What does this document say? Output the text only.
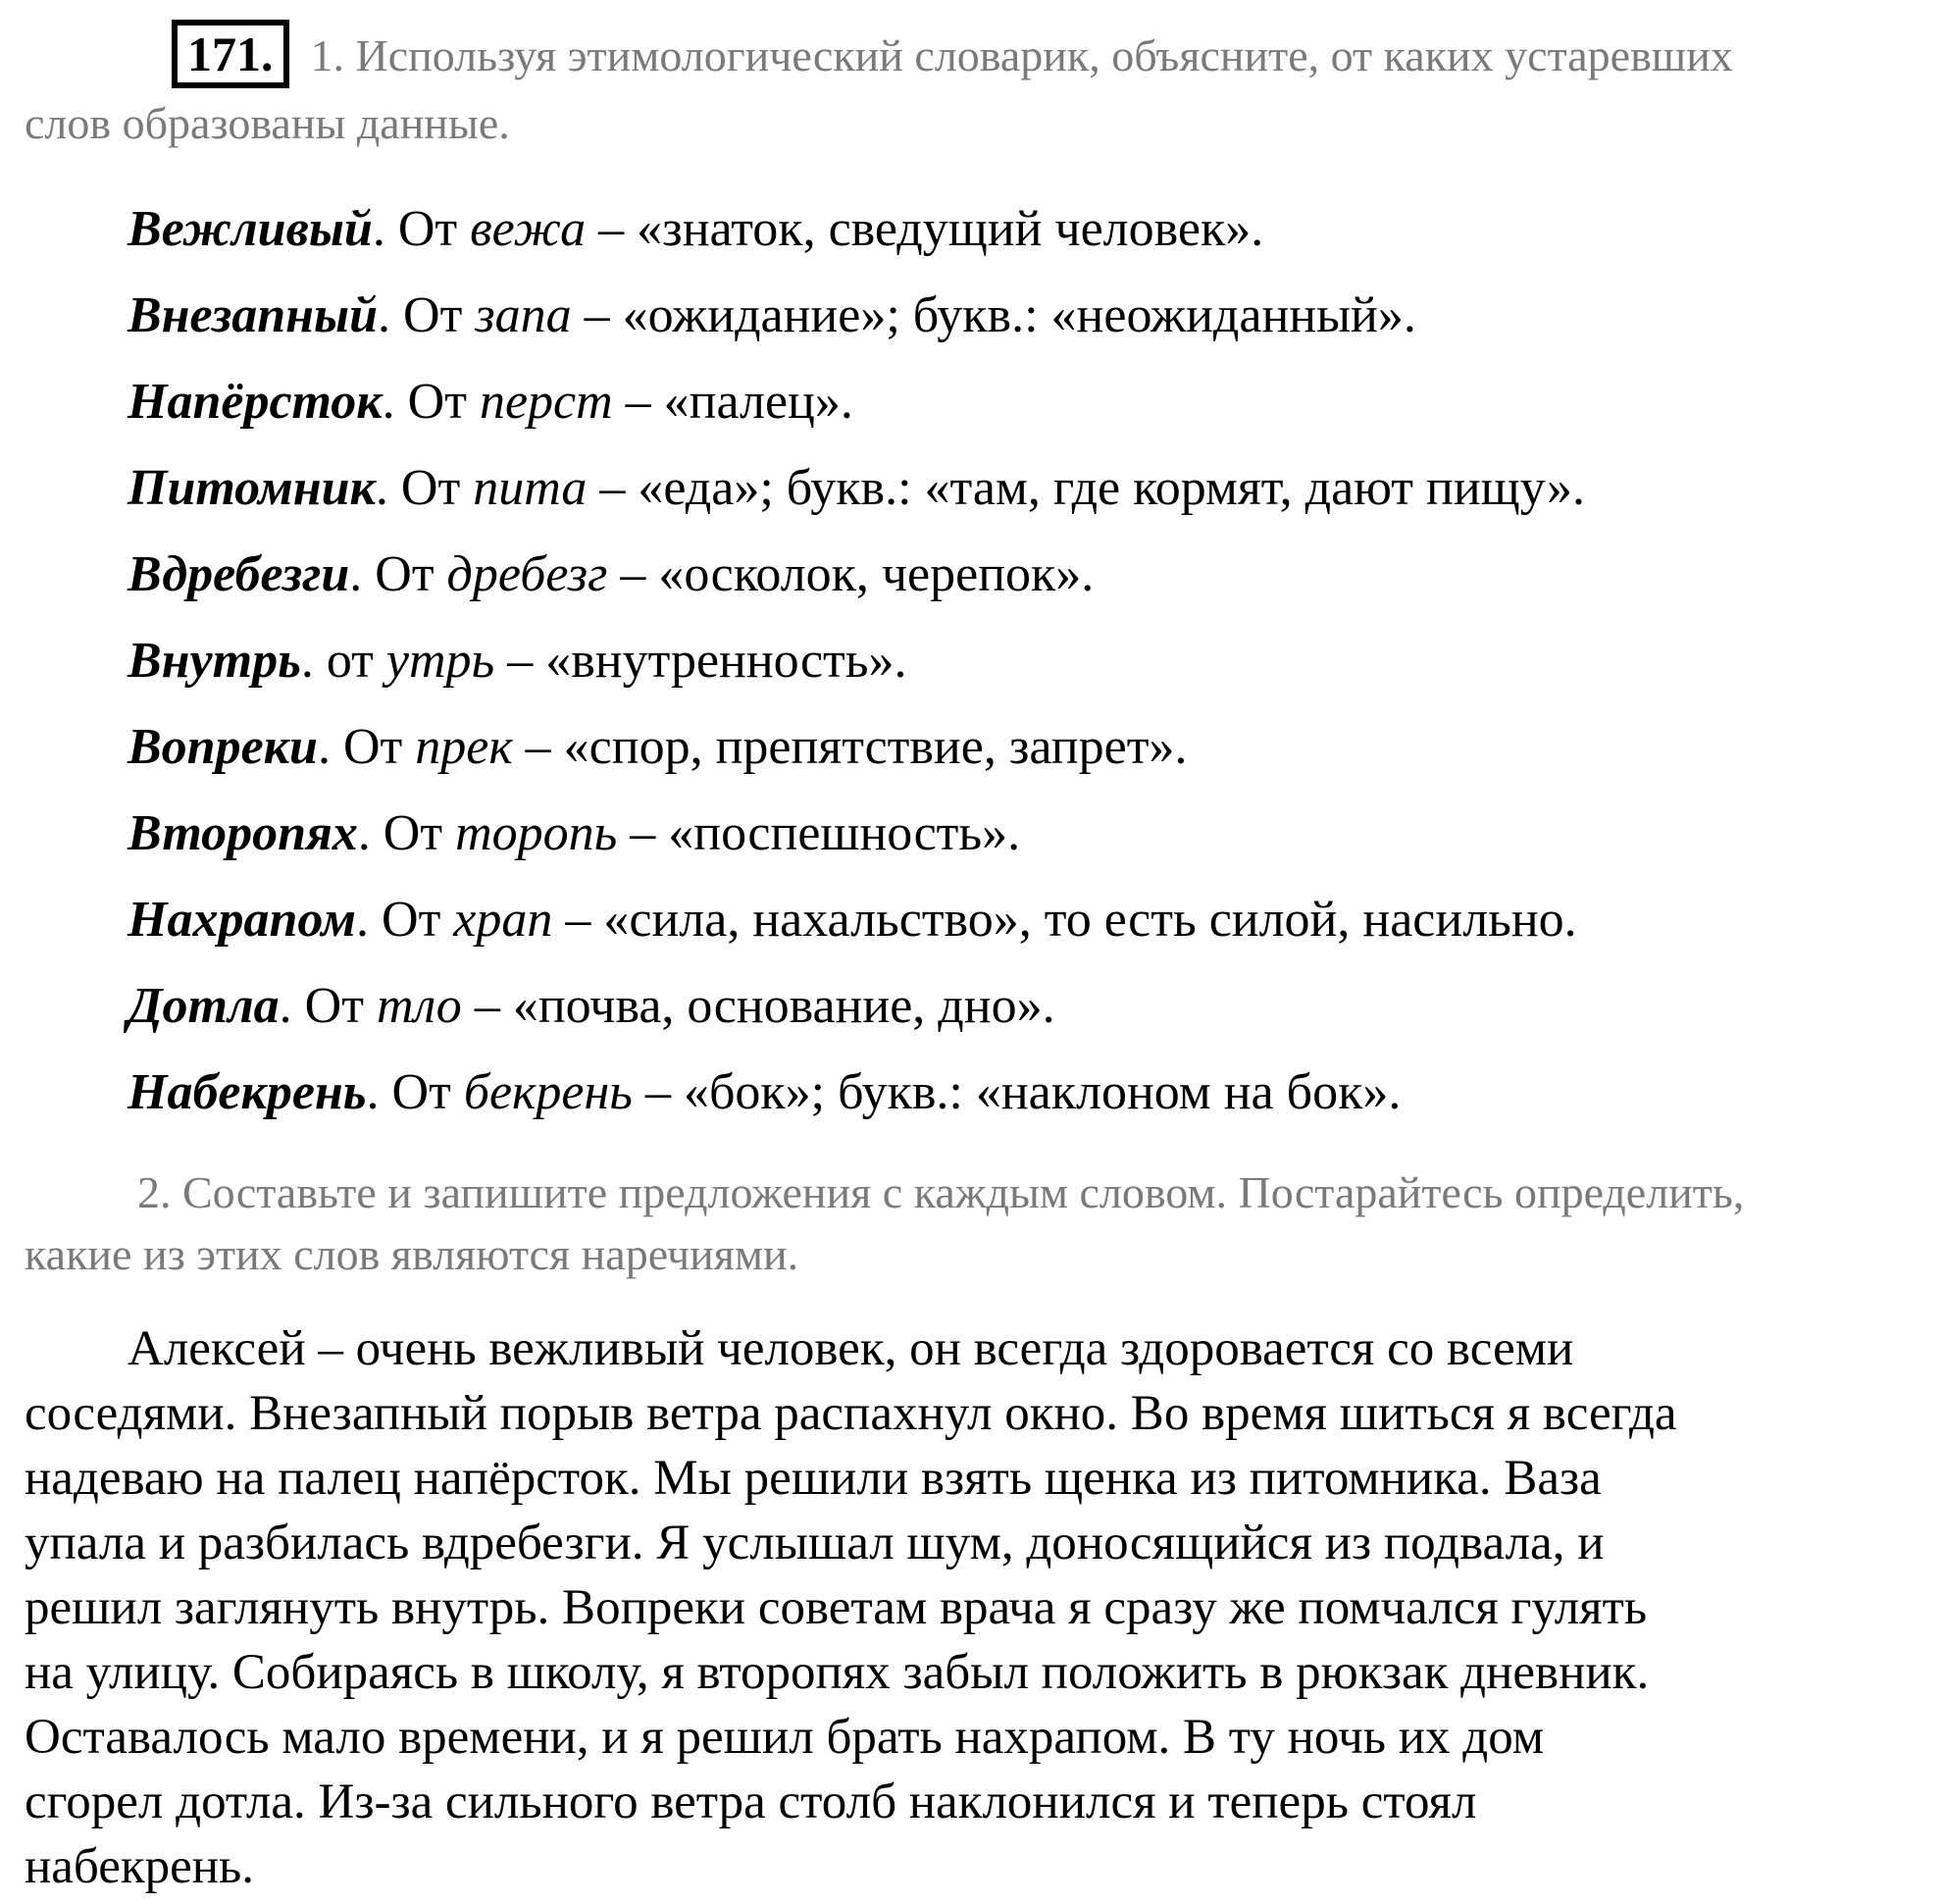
171. 1. Используя этимологический словарик, объясните, от каких устаревших
слов образованы данные.
Вежливый. От вежа – «знаток, сведущий человек».
Внезапный. От запа – «ожидание»; букв.: «неожиданный».
Напёрсток. От перст – «палец».
Питомник. От пита – «еда»; букв.: «там, где кормят, дают пищу».
Вдребезги. От дребезг – «осколок, черепок».
Внутрь. от утрь – «внутренность».
Вопреки. От прек – «спор, препятствие, запрет».
Второпях. От торопь – «поспешность».
Нахрапом. От храп – «сила, нахальство», то есть силой, насильно.
Дотла. От тло – «почва, основание, дно».
Набекрень. От бекрень – «бок»; букв.: «наклоном на бок».
2. Составьте и запишите предложения с каждым словом. Постарайтесь определить,
какие из этих слов являются наречиями.
Алексей – очень вежливый человек, он всегда здоровается со всеми
соседями. Внезапный порыв ветра распахнул окно. Во время шиться я всегда
надеваю на палец напёрсток. Мы решили взять щенка из питомника. Ваза
упала и разбилась вдребезги. Я услышал шум, доносящийся из подвала, и
решил заглянуть внутрь. Вопреки советам врача я сразу же помчался гулять
на улицу. Собираясь в школу, я второпях забыл положить в рюкзак дневник.
Оставалось мало времени, и я решил брать нахрапом. В ту ночь их дом
сгорел дотла. Из-за сильного ветра столб наклонился и теперь стоял
набекрень.
